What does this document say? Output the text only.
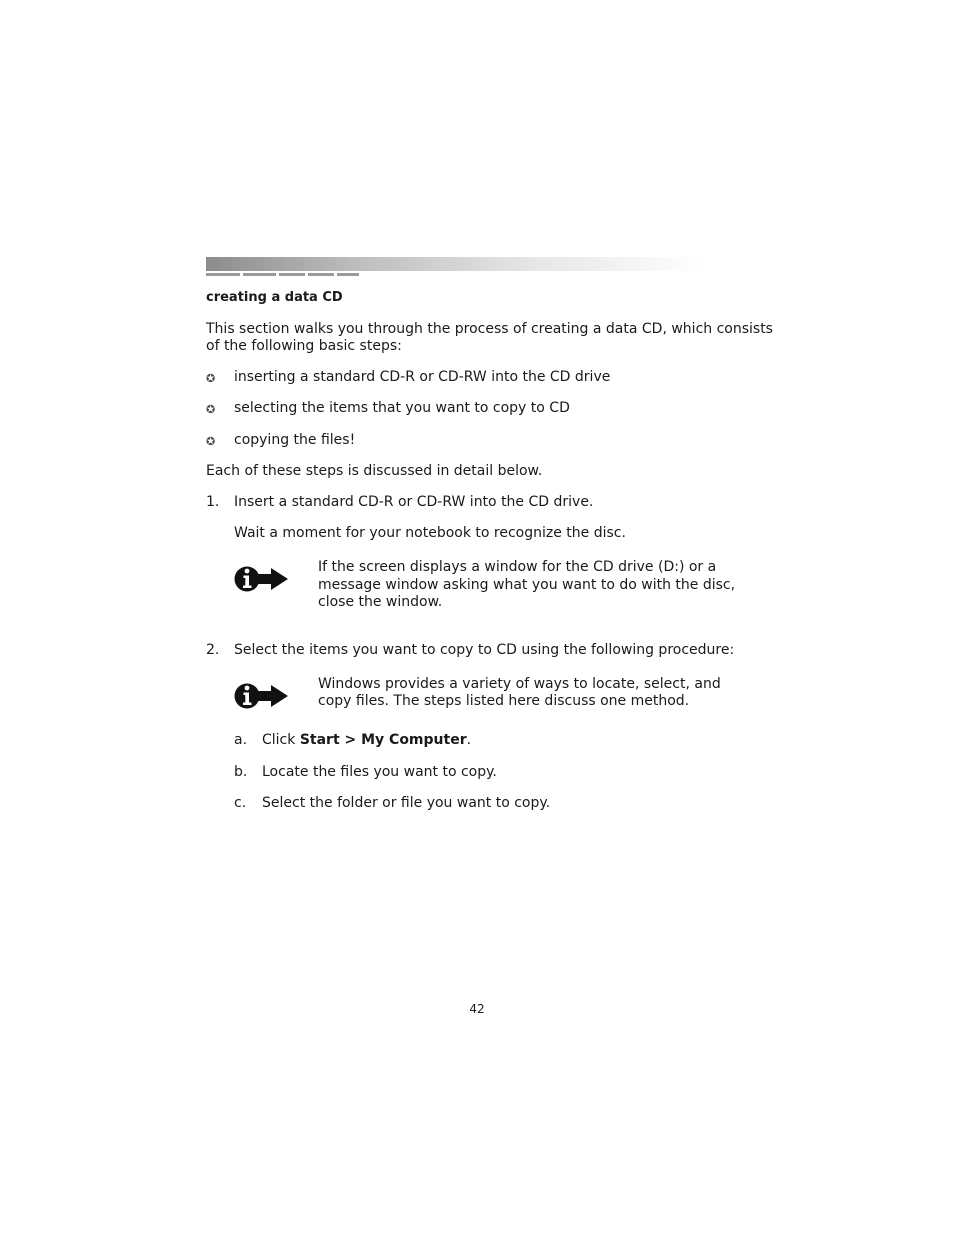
creating a data CD
This section walks you through the process of creating a data CD, which consists
of the following basic steps:
✪ inserting a standard CD-R or CD-RW into the CD drive
✪ selecting the items that you want to copy to CD
✪ copying the files!
Each of these steps is discussed in detail below.
1. Insert a standard CD-R or CD-RW into the CD drive.
Wait a moment for your notebook to recognize the disc.
If the screen displays a window for the CD drive (D:) or a
message window asking what you want to do with the disc,
close the window.
2. Select the items you want to copy to CD using the following procedure:
Windows provides a variety of ways to locate, select, and
copy files. The steps listed here discuss one method.
a. Click Start > My Computer.
b. Locate the files you want to copy.
c. Select the folder or file you want to copy.
42
